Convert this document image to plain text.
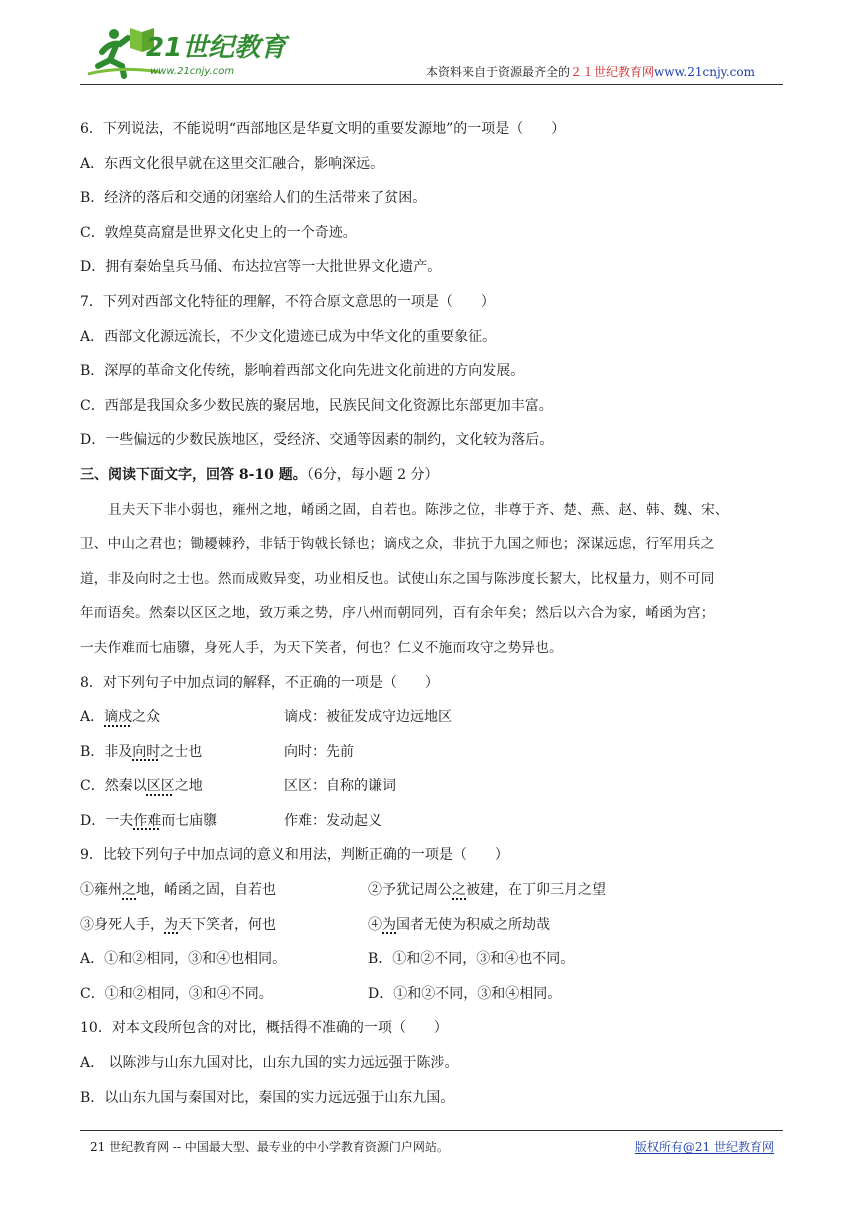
21世纪教育
www.21cnjy.com	本资料来自于资源最齐全的２１世纪教育网www.21cnjy.com
6．下列说法，不能说明“西部地区是华夏文明的重要发源地”的一项是（　　）
A．东西文化很早就在这里交汇融合，影响深远。
B．经济的落后和交通的闭塞给人们的生活带来了贫困。
C．敦煌莫高窟是世界文化史上的一个奇迹。
D．拥有秦始皇兵马俑、布达拉宫等一大批世界文化遗产。
7．下列对西部文化特征的理解，不符合原文意思的一项是（　　）
A．西部文化源远流长，不少文化遗迹已成为中华文化的重要象征。
B．深厚的革命文化传统，影响着西部文化向先进文化前进的方向发展。
C．西部是我国众多少数民族的聚居地，民族民间文化资源比东部更加丰富。
D．一些偏远的少数民族地区，受经济、交通等因素的制约，文化较为落后。
三、阅读下面文字，回答 8-10 题。（6分，每小题 2 分）
且夫天下非小弱也，雍州之地，崤函之固，自若也。陈涉之位，非尊于齐、楚、燕、赵、韩、魏、宋、
卫、中山之君也；锄耰棘矜，非铦于钩戟长铩也；谪戍之众，非抗于九国之师也；深谋远虑，行军用兵之
道，非及向时之士也。然而成败异变，功业相反也。试使山东之国与陈涉度长絜大，比权量力，则不可同
年而语矣。然秦以区区之地，致万乘之势，序八州而朝同列，百有余年矣；然后以六合为家，崤函为宫；
一夫作难而七庙隳，身死人手，为天下笑者，何也？仁义不施而攻守之势异也。
8．对下列句子中加点词的解释，不正确的一项是（　　）
A．谪戍之众	谪戍：被征发成守边远地区
B．非及向时之士也	向时：先前
C．然秦以区区之地	区区：自称的谦词
D．一夫作难而七庙隳	作难：发动起义
9．比较下列句子中加点词的意义和用法，判断正确的一项是（　　）
①雍州之地，崤函之固，自若也	②予犹记周公之被建，在丁卯三月之望
③身死人手，为天下笑者，何也	④为国者无使为积威之所劫哉
A．①和②相同，③和④也相同。	B．①和②不同，③和④也不同。
C．①和②相同，③和④不同。	D．①和②不同，③和④相同。
10．对本文段所包含的对比，概括得不准确的一项（　　）
A． 以陈涉与山东九国对比，山东九国的实力远远强于陈涉。
B．以山东九国与秦国对比，秦国的实力远远强于山东九国。
21 世纪教育网 -- 中国最大型、最专业的中小学教育资源门户网站。	版权所有@21 世纪教育网
